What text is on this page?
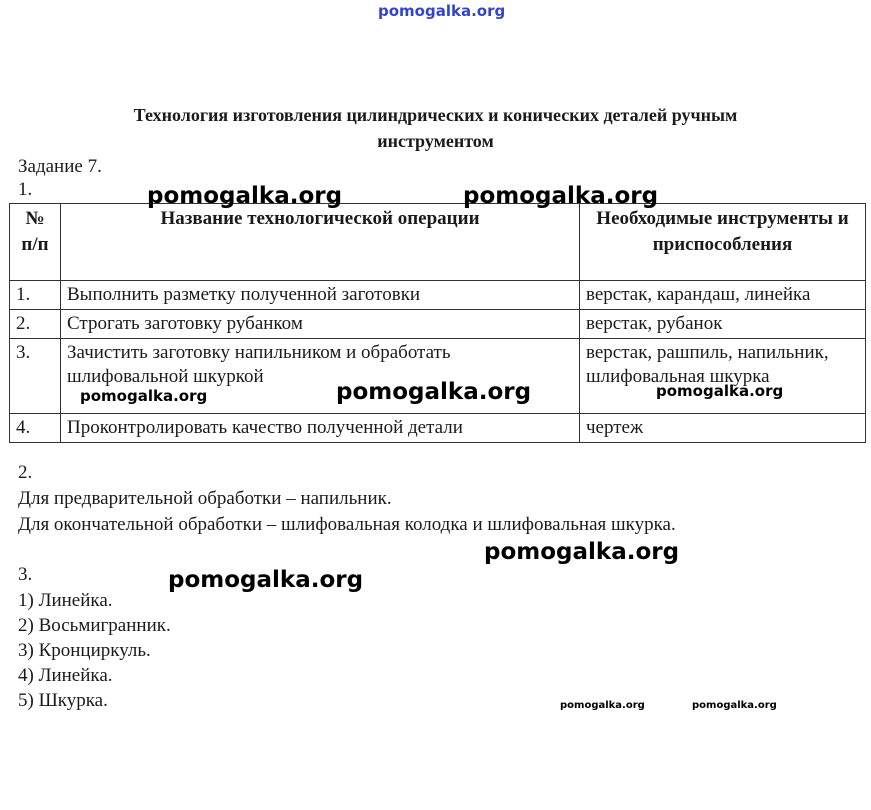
pomogalka.org
Технология изготовления цилиндрических и конических деталей ручным
инструментом
Задание 7.
1.
№ п/п	Название технологической операции	Необходимые инструменты и приспособления
1.	Выполнить разметку полученной заготовки	верстак, карандаш, линейка
2.	Строгать заготовку рубанком	верстак, рубанок
3.	Зачистить заготовку напильником и обработать шлифовальной шкуркой	верстак, рашпиль, напильник, шлифовальная шкурка
4.	Проконтролировать качество полученной детали	чертеж
2.
Для предварительной обработки – напильник.
Для окончательной обработки – шлифовальная колодка и шлифовальная шкурка.
3.
1) Линейка.
2) Восьмигранник.
3) Кронциркуль.
4) Линейка.
5) Шкурка.
pomogalka.org	pomogalka.org
pomogalka.org	pomogalka.org	pomogalka.org
pomogalka.org
pomogalka.org
pomogalka.org	pomogalka.org
